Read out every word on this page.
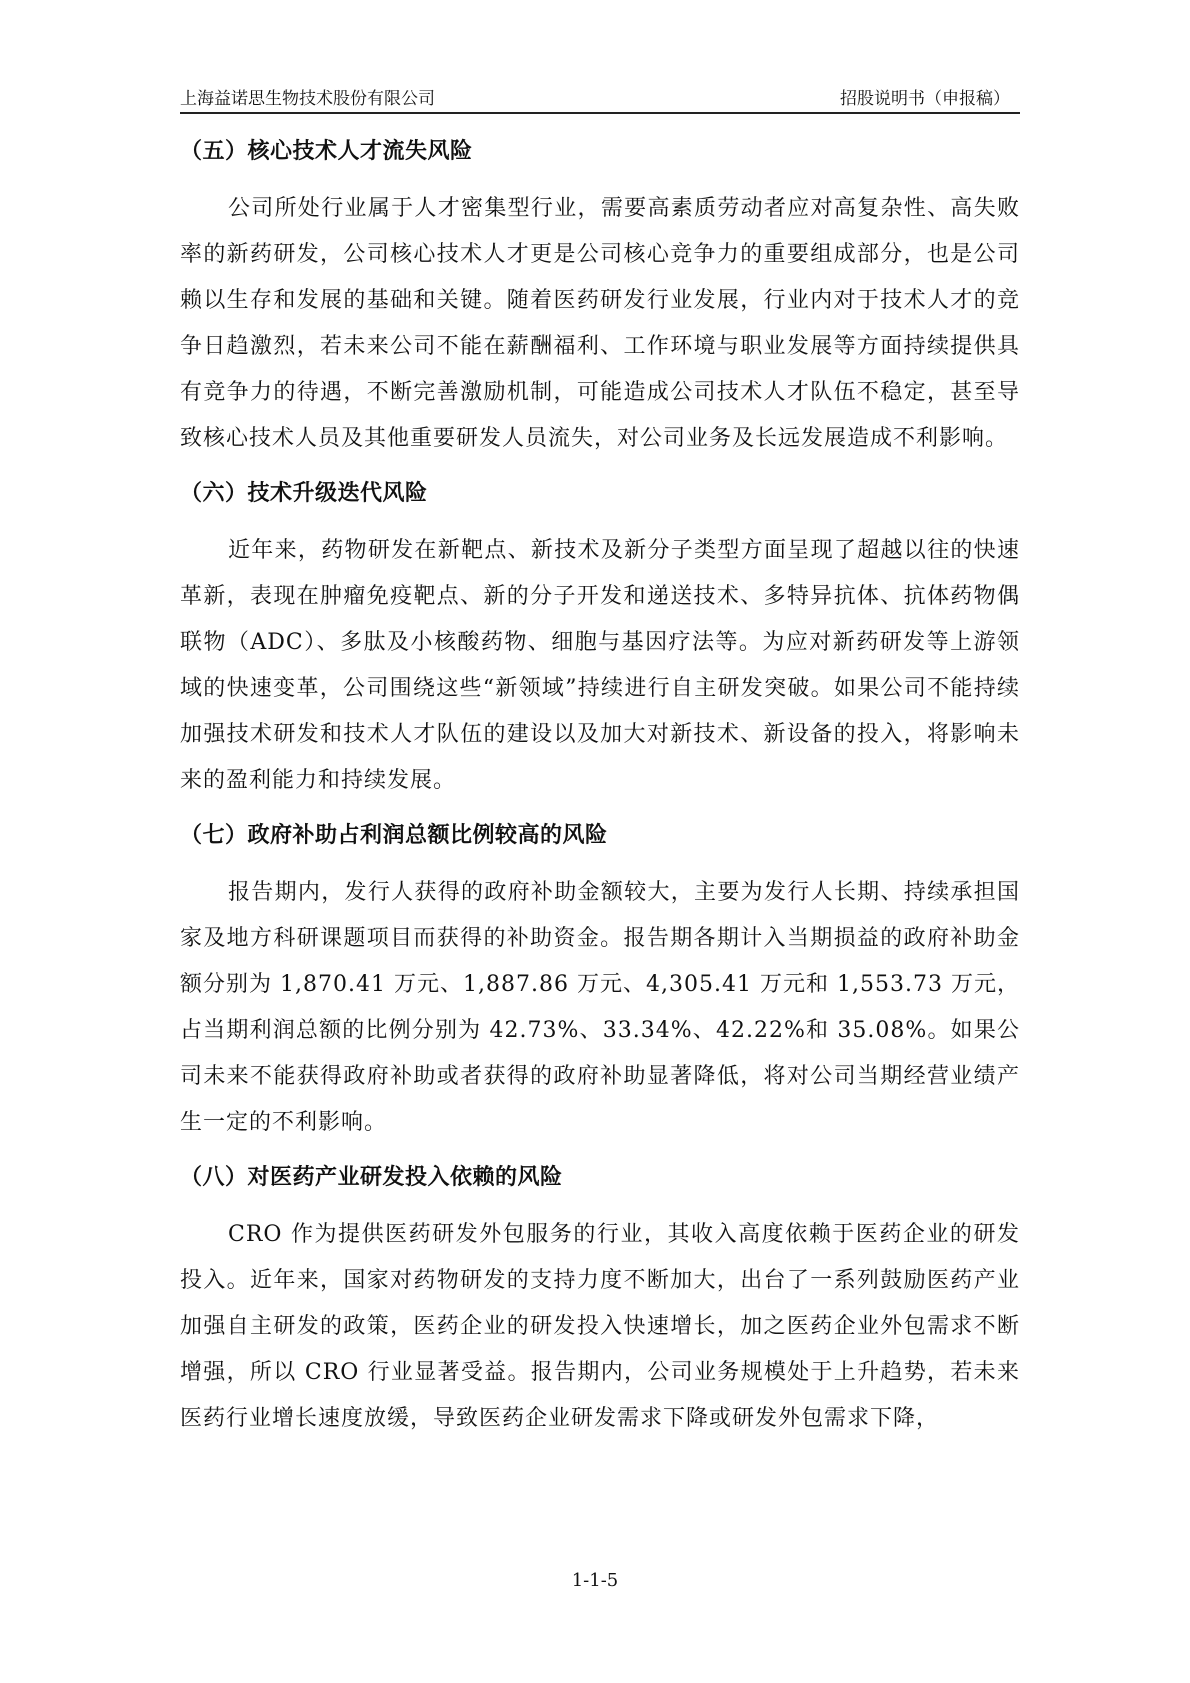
上海益诺思生物技术股份有限公司	招股说明书（申报稿）
（五）核心技术人才流失风险

公司所处行业属于人才密集型行业，需要高素质劳动者应对高复杂性、高失败率的新药研发，公司核心技术人才更是公司核心竞争力的重要组成部分，也是公司赖以生存和发展的基础和关键。随着医药研发行业发展，行业内对于技术人才的竞争日趋激烈，若未来公司不能在薪酬福利、工作环境与职业发展等方面持续提供具有竞争力的待遇，不断完善激励机制，可能造成公司技术人才队伍不稳定，甚至导致核心技术人员及其他重要研发人员流失，对公司业务及长远发展造成不利影响。

（六）技术升级迭代风险

近年来，药物研发在新靶点、新技术及新分子类型方面呈现了超越以往的快速革新，表现在肿瘤免疫靶点、新的分子开发和递送技术、多特异抗体、抗体药物偶联物（ADC）、多肽及小核酸药物、细胞与基因疗法等。为应对新药研发等上游领域的快速变革，公司围绕这些“新领域”持续进行自主研发突破。如果公司不能持续加强技术研发和技术人才队伍的建设以及加大对新技术、新设备的投入，将影响未来的盈利能力和持续发展。

（七）政府补助占利润总额比例较高的风险

报告期内，发行人获得的政府补助金额较大，主要为发行人长期、持续承担国家及地方科研课题项目而获得的补助资金。报告期各期计入当期损益的政府补助金额分别为 1,870.41 万元、1,887.86 万元、4,305.41 万元和 1,553.73 万元，占当期利润总额的比例分别为 42.73%、33.34%、42.22%和 35.08%。如果公司未来不能获得政府补助或者获得的政府补助显著降低，将对公司当期经营业绩产生一定的不利影响。

（八）对医药产业研发投入依赖的风险

CRO 作为提供医药研发外包服务的行业，其收入高度依赖于医药企业的研发投入。近年来，国家对药物研发的支持力度不断加大，出台了一系列鼓励医药产业加强自主研发的政策，医药企业的研发投入快速增长，加之医药企业外包需求不断增强，所以 CRO 行业显著受益。报告期内，公司业务规模处于上升趋势，若未来医药行业增长速度放缓，导致医药企业研发需求下降或研发外包需求下降，

1-1-5
